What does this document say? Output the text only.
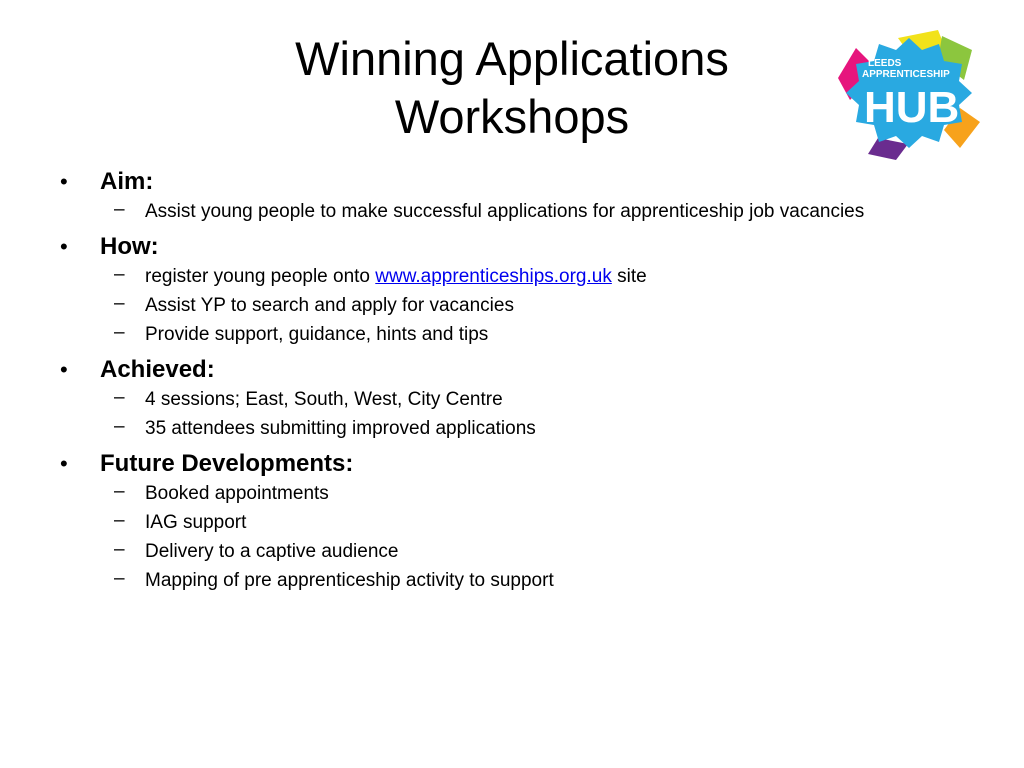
Winning Applications
Workshops
LEEDS
APPRENTICESHIP
HUB
• Aim:
– Assist young people to make successful applications for apprenticeship job vacancies
• How:
– register young people onto www.apprenticeships.org.uk site
– Assist YP to search and apply for vacancies
– Provide support, guidance, hints and tips
• Achieved:
– 4 sessions; East, South, West, City Centre
– 35 attendees submitting improved applications
• Future Developments:
– Booked appointments
– IAG support
– Delivery to a captive audience
– Mapping of pre apprenticeship activity to support
